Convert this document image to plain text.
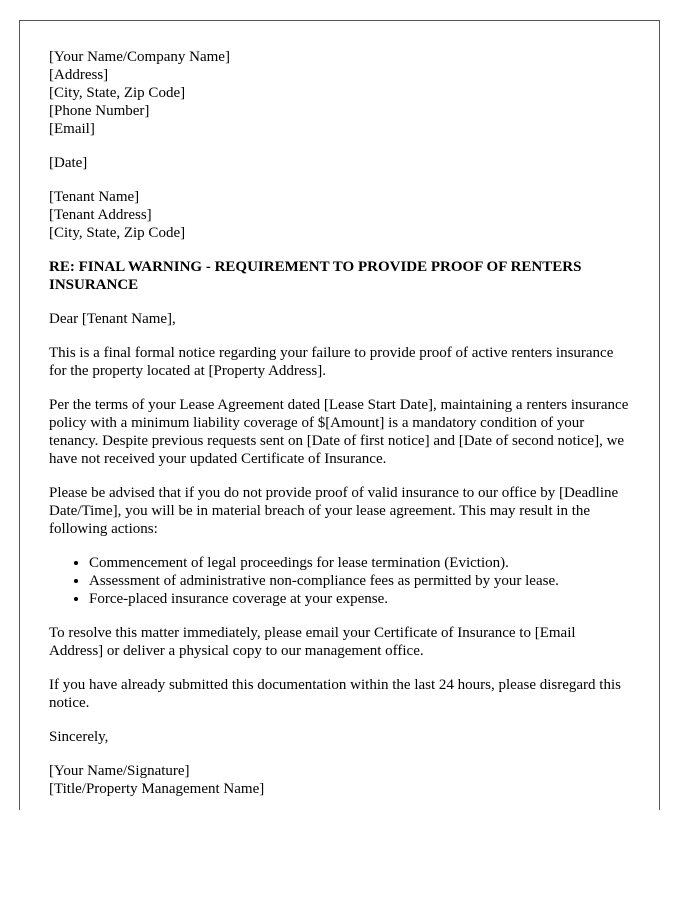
[Your Name/Company Name]
[Address]
[City, State, Zip Code]
[Phone Number]
[Email]
[Date]
[Tenant Name]
[Tenant Address]
[City, State, Zip Code]
RE: FINAL WARNING - REQUIREMENT TO PROVIDE PROOF OF RENTERS INSURANCE

Dear [Tenant Name],

This is a final formal notice regarding your failure to provide proof of active renters insurance for the property located at [Property Address].

Per the terms of your Lease Agreement dated [Lease Start Date], maintaining a renters insurance policy with a minimum liability coverage of $[Amount] is a mandatory condition of your tenancy. Despite previous requests sent on [Date of first notice] and [Date of second notice], we have not received your updated Certificate of Insurance.

Please be advised that if you do not provide proof of valid insurance to our office by [Deadline Date/Time], you will be in material breach of your lease agreement. This may result in the following actions:

• Commencement of legal proceedings for lease termination (Eviction).
• Assessment of administrative non-compliance fees as permitted by your lease.
• Force-placed insurance coverage at your expense.

To resolve this matter immediately, please email your Certificate of Insurance to [Email Address] or deliver a physical copy to our management office.

If you have already submitted this documentation within the last 24 hours, please disregard this notice.

Sincerely,

[Your Name/Signature]
[Title/Property Management Name]
